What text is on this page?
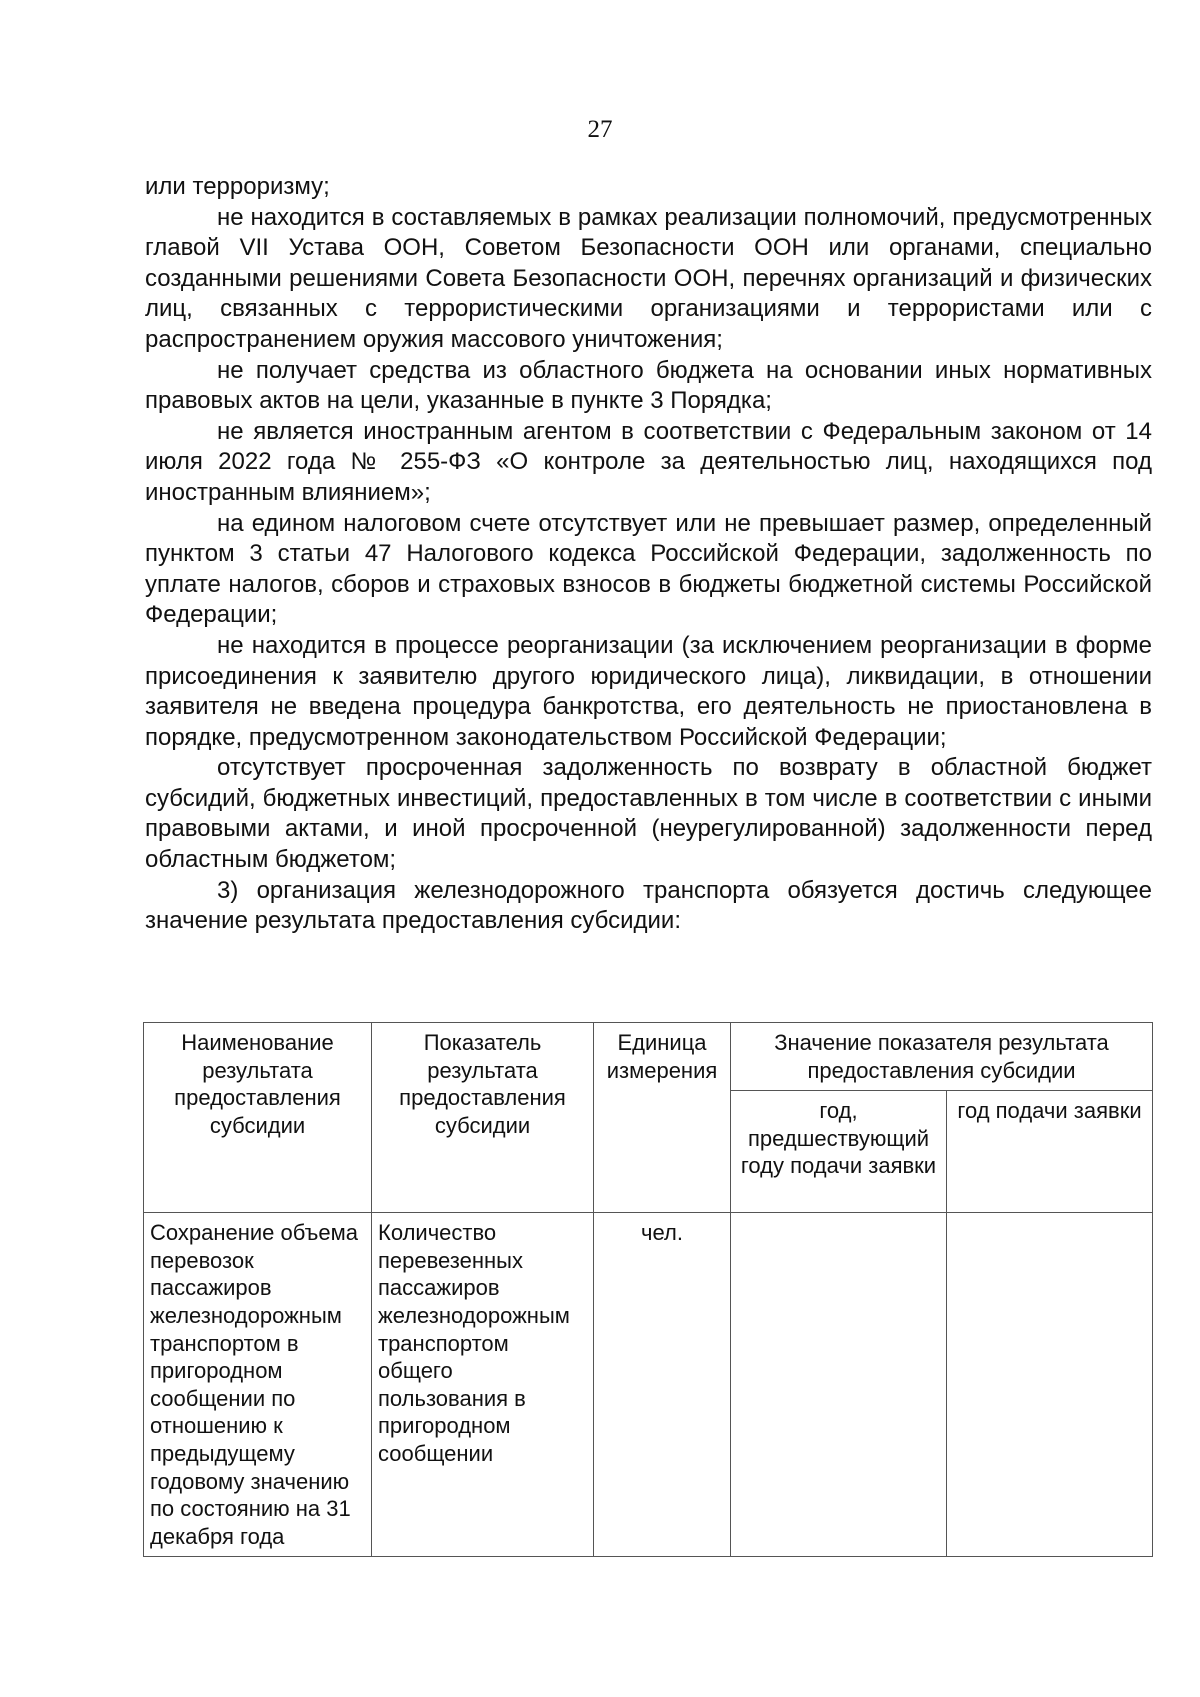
27

или терроризму;

не находится в составляемых в рамках реализации полномочий, предусмотренных главой VII Устава ООН, Советом Безопасности ООН или органами, специально созданными решениями Совета Безопасности ООН, перечнях организаций и физических лиц, связанных с террористическими организациями и террористами или с распространением оружия массового уничтожения;

не получает средства из областного бюджета на основании иных нормативных правовых актов на цели, указанные в пункте 3 Порядка;

не является иностранным агентом в соответствии с Федеральным законом от 14 июля 2022 года № 255-ФЗ «О контроле за деятельностью лиц, находящихся под иностранным влиянием»;

на едином налоговом счете отсутствует или не превышает размер, определенный пунктом 3 статьи 47 Налогового кодекса Российской Федерации, задолженность по уплате налогов, сборов и страховых взносов в бюджеты бюджетной системы Российской Федерации;

не находится в процессе реорганизации (за исключением реорганизации в форме присоединения к заявителю другого юридического лица), ликвидации, в отношении заявителя не введена процедура банкротства, его деятельность не приостановлена в порядке, предусмотренном законодательством Российской Федерации;

отсутствует просроченная задолженность по возврату в областной бюджет субсидий, бюджетных инвестиций, предоставленных в том числе в соответствии с иными правовыми актами, и иной просроченной (неурегулированной) задолженности перед областным бюджетом;

3) организация железнодорожного транспорта обязуется достичь следующее значение результата предоставления субсидии:

Наименование результата предоставления субсидии	Показатель результата предоставления субсидии	Единица измерения	Значение показателя результата предоставления субсидии	
			год, предшествующий году подачи заявки	год подачи заявки
Сохранение объема перевозок пассажиров железнодорожным транспортом в пригородном сообщении по отношению к предыдущему годовому значению по состоянию на 31 декабря года	Количество перевезенных пассажиров железнодорожным транспортом общего пользования в пригородном сообщении	чел.		
